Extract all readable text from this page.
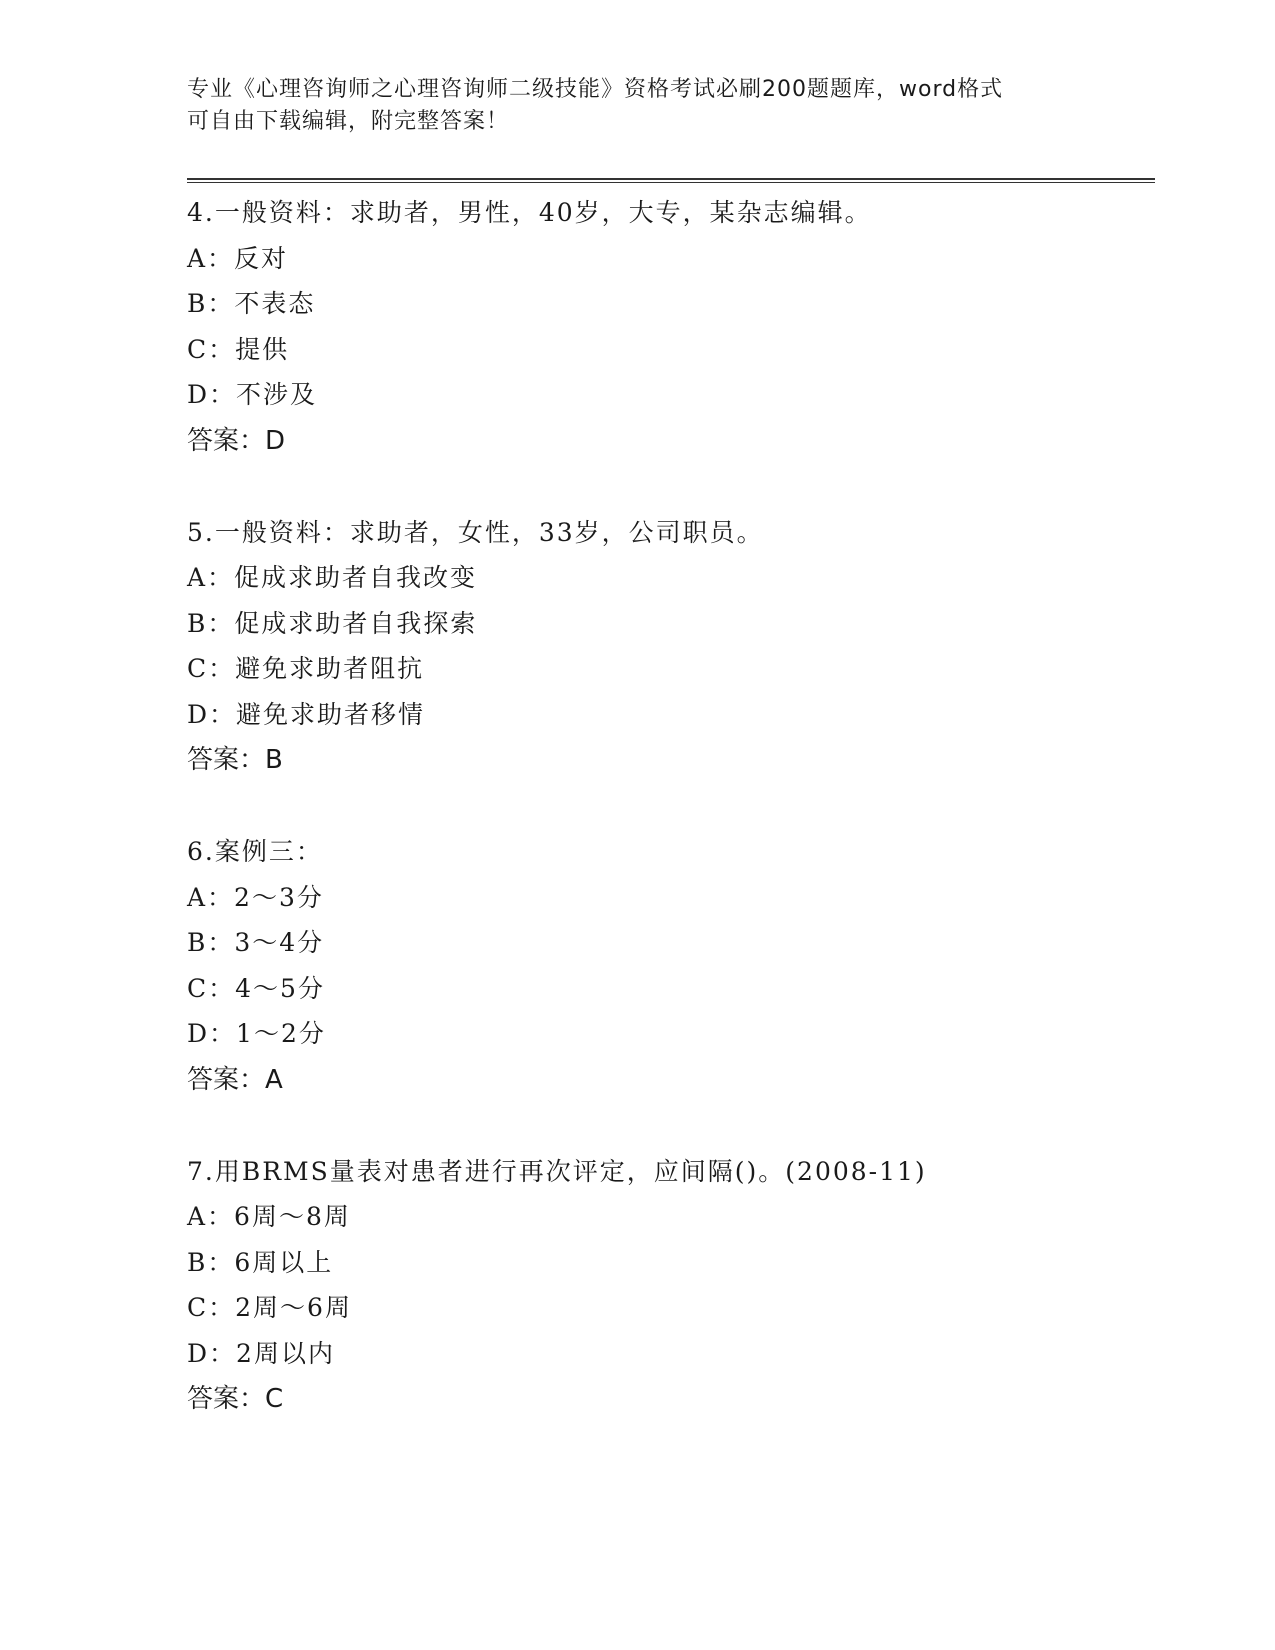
专业《心理咨询师之心理咨询师二级技能》资格考试必刷200题题库，word格式
可自由下载编辑，附完整答案！
4.一般资料：求助者，男性，40岁，大专，某杂志编辑。
A：反对
B：不表态
C：提供
D：不涉及
答案：D
5.一般资料：求助者，女性，33岁，公司职员。
A：促成求助者自我改变
B：促成求助者自我探索
C：避免求助者阻抗
D：避免求助者移情
答案：B
6.案例三：
A：2～3分
B：3～4分
C：4～5分
D：1～2分
答案：A
7.用BRMS量表对患者进行再次评定，应间隔()。(2008-11)
A：6周～8周
B：6周以上
C：2周～6周
D：2周以内
答案：C
